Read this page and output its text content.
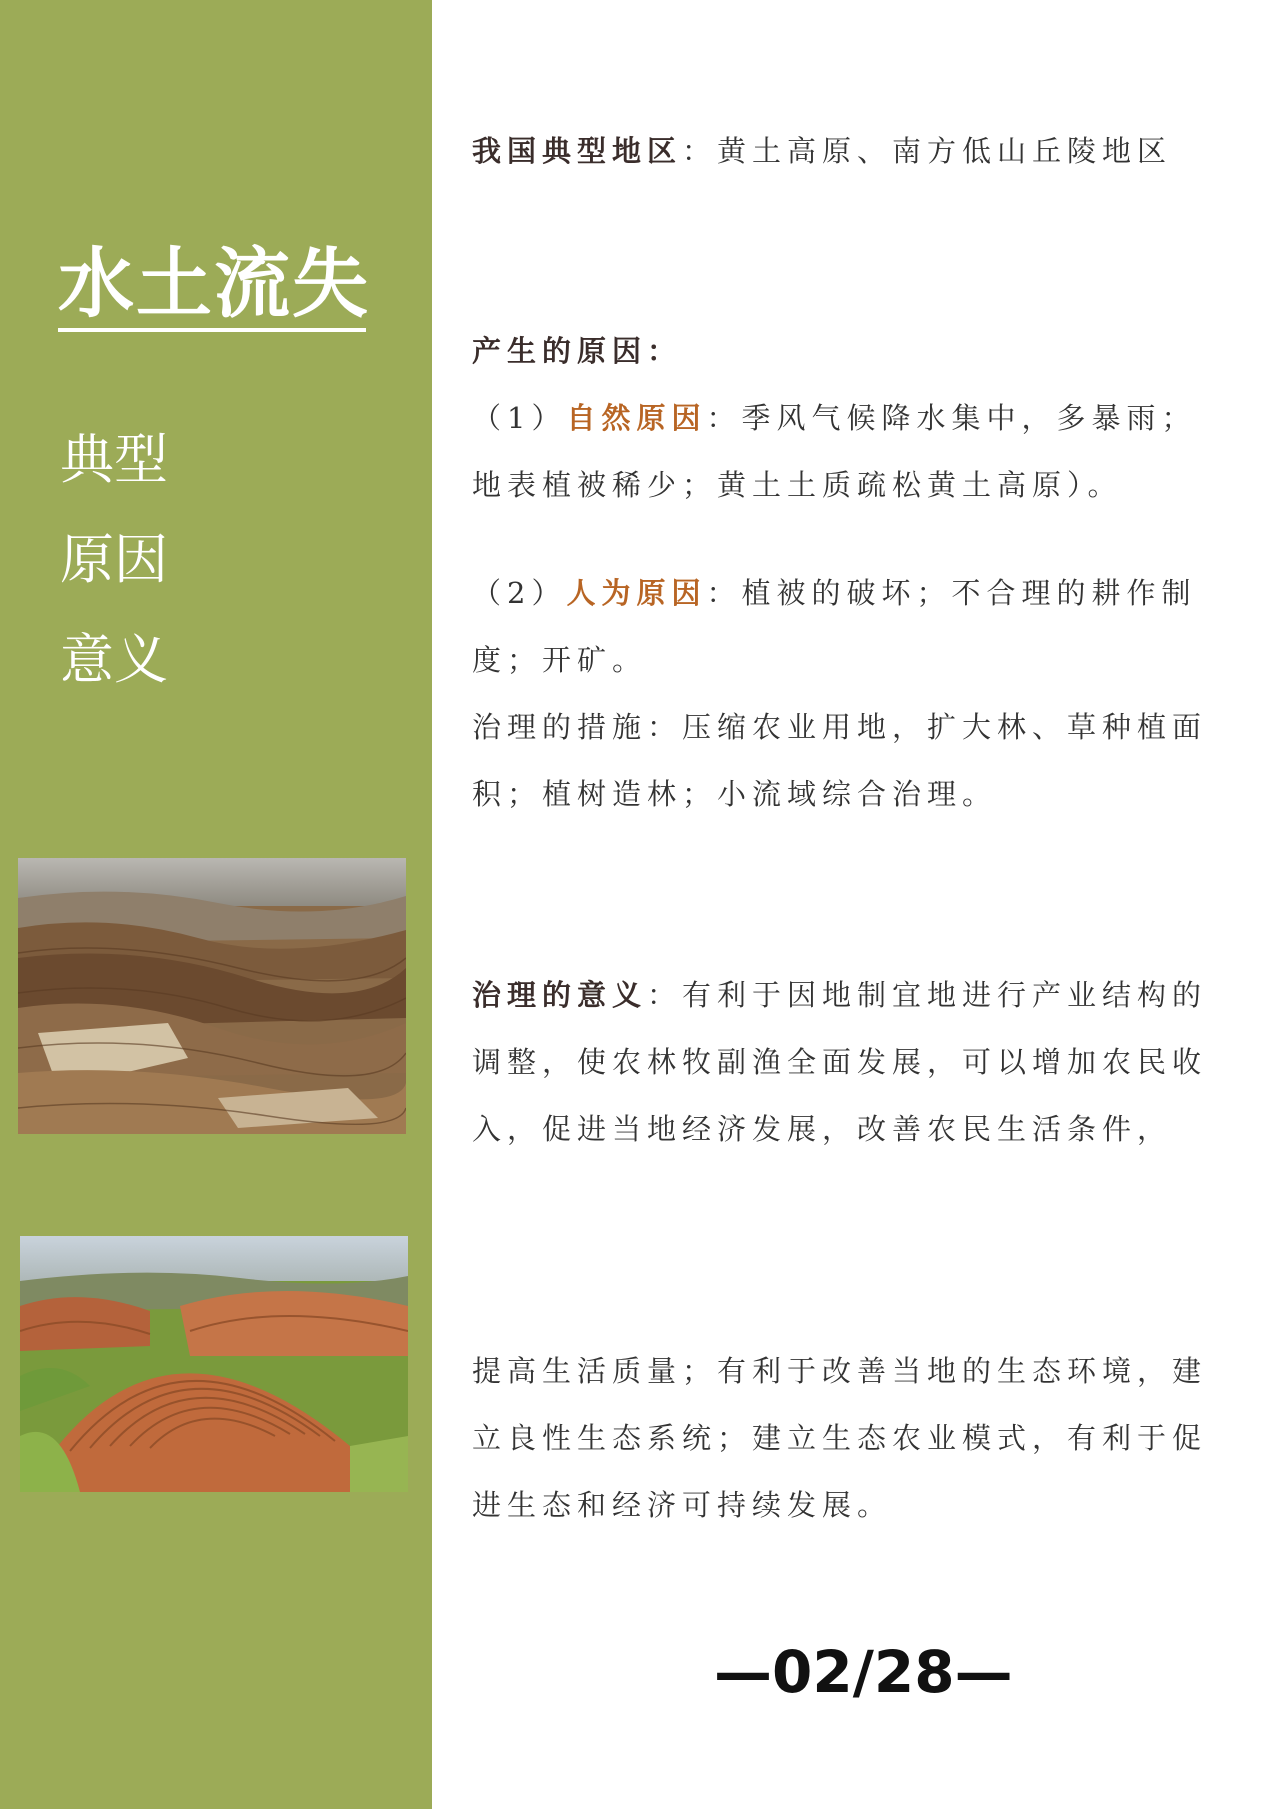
水土流失
典型
原因
意义

我国典型地区：黄土高原、南方低山丘陵地区

产生的原因：

（1）自然原因：季风气候降水集中，多暴雨；地表植被稀少；黄土土质疏松黄土高原）。

（2）人为原因：植被的破坏；不合理的耕作制度；开矿。

治理的措施：压缩农业用地，扩大林、草种植面积；植树造林；小流域综合治理。

治理的意义：有利于因地制宜地进行产业结构的调整，使农林牧副渔全面发展，可以增加农民收入，促进当地经济发展，改善农民生活条件，

提高生活质量；有利于改善当地的生态环境，建立良性生态系统；建立生态农业模式，有利于促进生态和经济可持续发展。

—02/28—
